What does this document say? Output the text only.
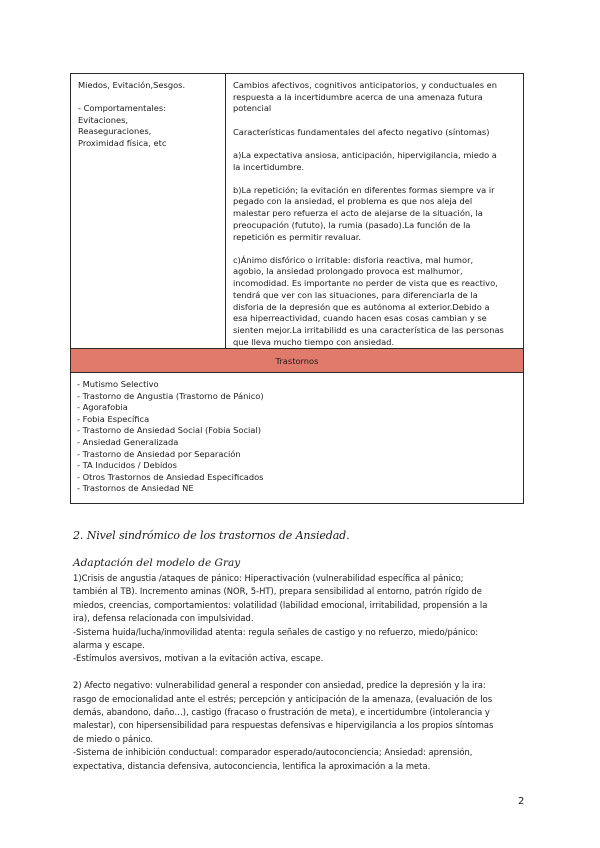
Miedos, Evitación,Sesgos.

- Comportamentales:

Evitaciones,

Reaseguraciones,

Proximidad física, etc

Cambios afectivos, cognitivos anticipatorios, y conductuales en

respuesta a la incertidumbre acerca de una amenaza futura

potencial

Características fundamentales del afecto negativo (síntomas)

a)La expectativa ansiosa, anticipación, hipervigilancia, miedo a

la incertidumbre.

b)La repetición; la evitación en diferentes formas siempre va ir

pegado con la ansiedad, el problema es que nos aleja del

malestar pero refuerza el acto de alejarse de la situación, la

preocupación (fututo), la rumia (pasado).La función de la

repetición es permitir revaluar.

c)Ánimo disfórico o irritable: disforia reactiva, mal humor,

agobio, la ansiedad prolongado provoca est malhumor,

incomodidad. Es importante no perder de vista que es reactivo,

tendrá que ver con las situaciones, para diferenciarla de la

disforia de la depresión que es autónoma al exterior.Debido a

esa hiperreactividad, cuando hacen esas cosas cambian y se

sienten mejor.La irritabilidd es una característica de las personas

que lleva mucho tiempo con ansiedad.

Trastornos
- Mutismo Selectivo
- Trastorno de Angustia (Trastorno de Pánico)
- Agorafobia
- Fobia Específica
- Trastorno de Ansiedad Social (Fobia Social)
- Ansiedad Generalizada
- Trastorno de Ansiedad por Separación
- TA Inducidos / Debidos
- Otros Trastornos de Ansiedad Especificados
- Trastornos de Ansiedad NE
2. Nivel sindrómico de los trastornos de Ansiedad.
Adaptación del modelo de Gray

1)Crisis de angustia /ataques de pánico: Hiperactivación (vulnerabilidad específica al pánico;

también al TB). Incremento aminas (NOR, 5-HT), prepara sensibilidad al entorno, patrón rígido de

miedos, creencias, comportamientos: volatilidad (labilidad emocional, irritabilidad, propensión a la

ira), defensa relacionada con impulsividad.

-Sistema huida/lucha/inmovilidad atenta: regula señales de castigo y no refuerzo, miedo/pánico:

alarma y escape.

-Estímulos aversivos, motivan a la evitación activa, escape.

2) Afecto negativo: vulnerabilidad general a responder con ansiedad, predice la depresión y la ira:

rasgo de emocionalidad ante el estrés; percepción y anticipación de la amenaza, (evaluación de los

demás, abandono, daño…), castigo (fracaso o frustración de meta), e incertidumbre (intolerancia y

malestar), con hipersensibilidad para respuestas defensivas e hipervigilancia a los propios síntomas

de miedo o pánico.

-Sistema de inhibición conductual: comparador esperado/autoconciencia; Ansiedad: aprensión,

expectativa, distancia defensiva, autoconciencia, lentifica la aproximación a la meta.

2
